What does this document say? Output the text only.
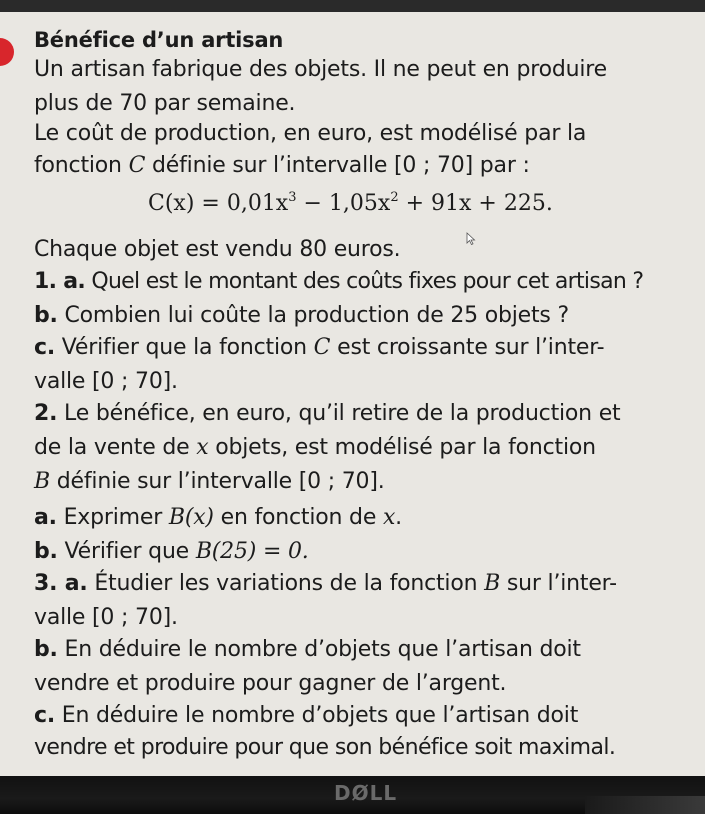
Bénéfice d’un artisan
Un artisan fabrique des objets. Il ne peut en produire
plus de 70 par semaine.
Le coût de production, en euro, est modélisé par la
fonction C définie sur l’intervalle [0 ; 70] par :
$C(x) = 0,01x^3 - 1,05x^2 + 91x + 225$.
Chaque objet est vendu 80 euros.
1. a. Quel est le montant des coûts fixes pour cet artisan ?
b. Combien lui coûte la production de 25 objets ?
c. Vérifier que la fonction C est croissante sur l’inter-
valle [0 ; 70].
2. Le bénéfice, en euro, qu’il retire de la production et
de la vente de x objets, est modélisé par la fonction
B définie sur l’intervalle [0 ; 70].
a. Exprimer B(x) en fonction de x.
b. Vérifier que B(25) = 0.
3. a. Étudier les variations de la fonction B sur l’inter-
valle [0 ; 70].
b. En déduire le nombre d’objets que l’artisan doit
vendre et produire pour gagner de l’argent.
c. En déduire le nombre d’objets que l’artisan doit
vendre et produire pour que son bénéfice soit maximal.
DØLL
